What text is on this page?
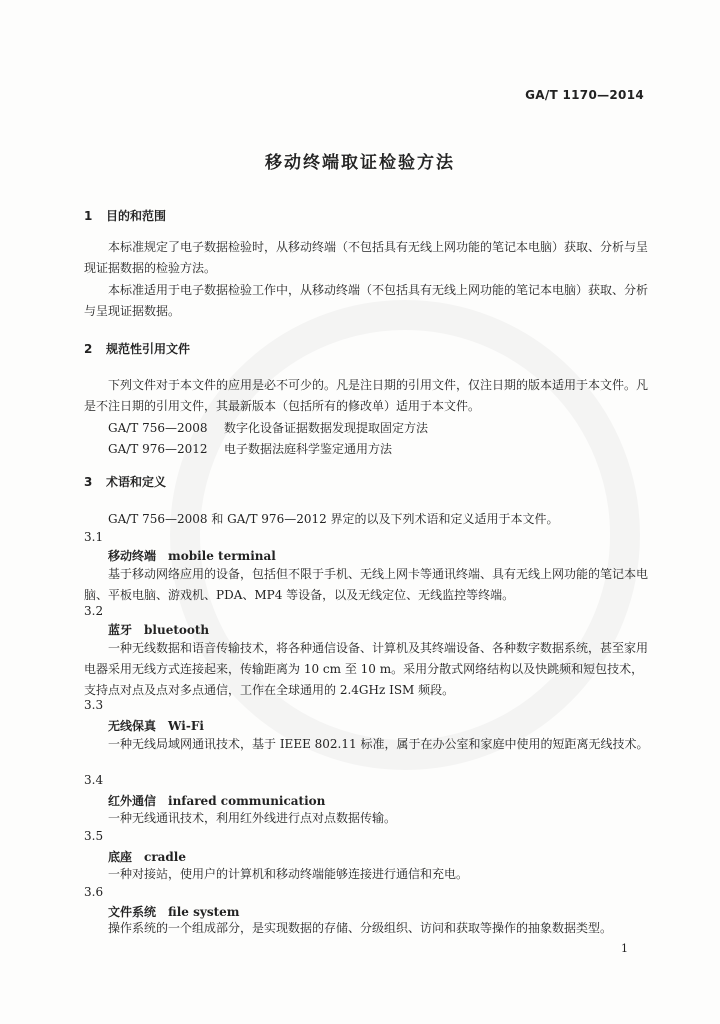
GA/T 1170—2014
移动终端取证检验方法
1 目的和范围

本标准规定了电子数据检验时，从移动终端（不包括具有无线上网功能的笔记本电脑）获取、分析与呈现证据数据的检验方法。

本标准适用于电子数据检验工作中，从移动终端（不包括具有无线上网功能的笔记本电脑）获取、分析与呈现证据数据。

2 规范性引用文件

下列文件对于本文件的应用是必不可少的。凡是注日期的引用文件，仅注日期的版本适用于本文件。凡是不注日期的引用文件，其最新版本（包括所有的修改单）适用于本文件。

GA/T 756—2008 数字化设备证据数据发现提取固定方法
GA/T 976—2012 电子数据法庭科学鉴定通用方法
3 术语和定义

GA/T 756—2008 和 GA/T 976—2012 界定的以及下列术语和定义适用于本文件。

3.1
移动终端 mobile terminal

基于移动网络应用的设备，包括但不限于手机、无线上网卡等通讯终端、具有无线上网功能的笔记本电脑、平板电脑、游戏机、PDA、MP4 等设备，以及无线定位、无线监控等终端。

3.2
蓝牙 bluetooth

一种无线数据和语音传输技术，将各种通信设备、计算机及其终端设备、各种数字数据系统，甚至家用电器采用无线方式连接起来，传输距离为 10 cm 至 10 m。采用分散式网络结构以及快跳频和短包技术，支持点对点及点对多点通信，工作在全球通用的 2.4GHz ISM 频段。

3.3
无线保真 Wi-Fi

一种无线局域网通讯技术，基于 IEEE 802.11 标准，属于在办公室和家庭中使用的短距离无线技术。

3.4
红外通信 infared communication

一种无线通讯技术，利用红外线进行点对点数据传输。

3.5
底座 cradle

一种对接站，使用户的计算机和移动终端能够连接进行通信和充电。

3.6
文件系统 file system

操作系统的一个组成部分，是实现数据的存储、分级组织、访问和获取等操作的抽象数据类型。

1
